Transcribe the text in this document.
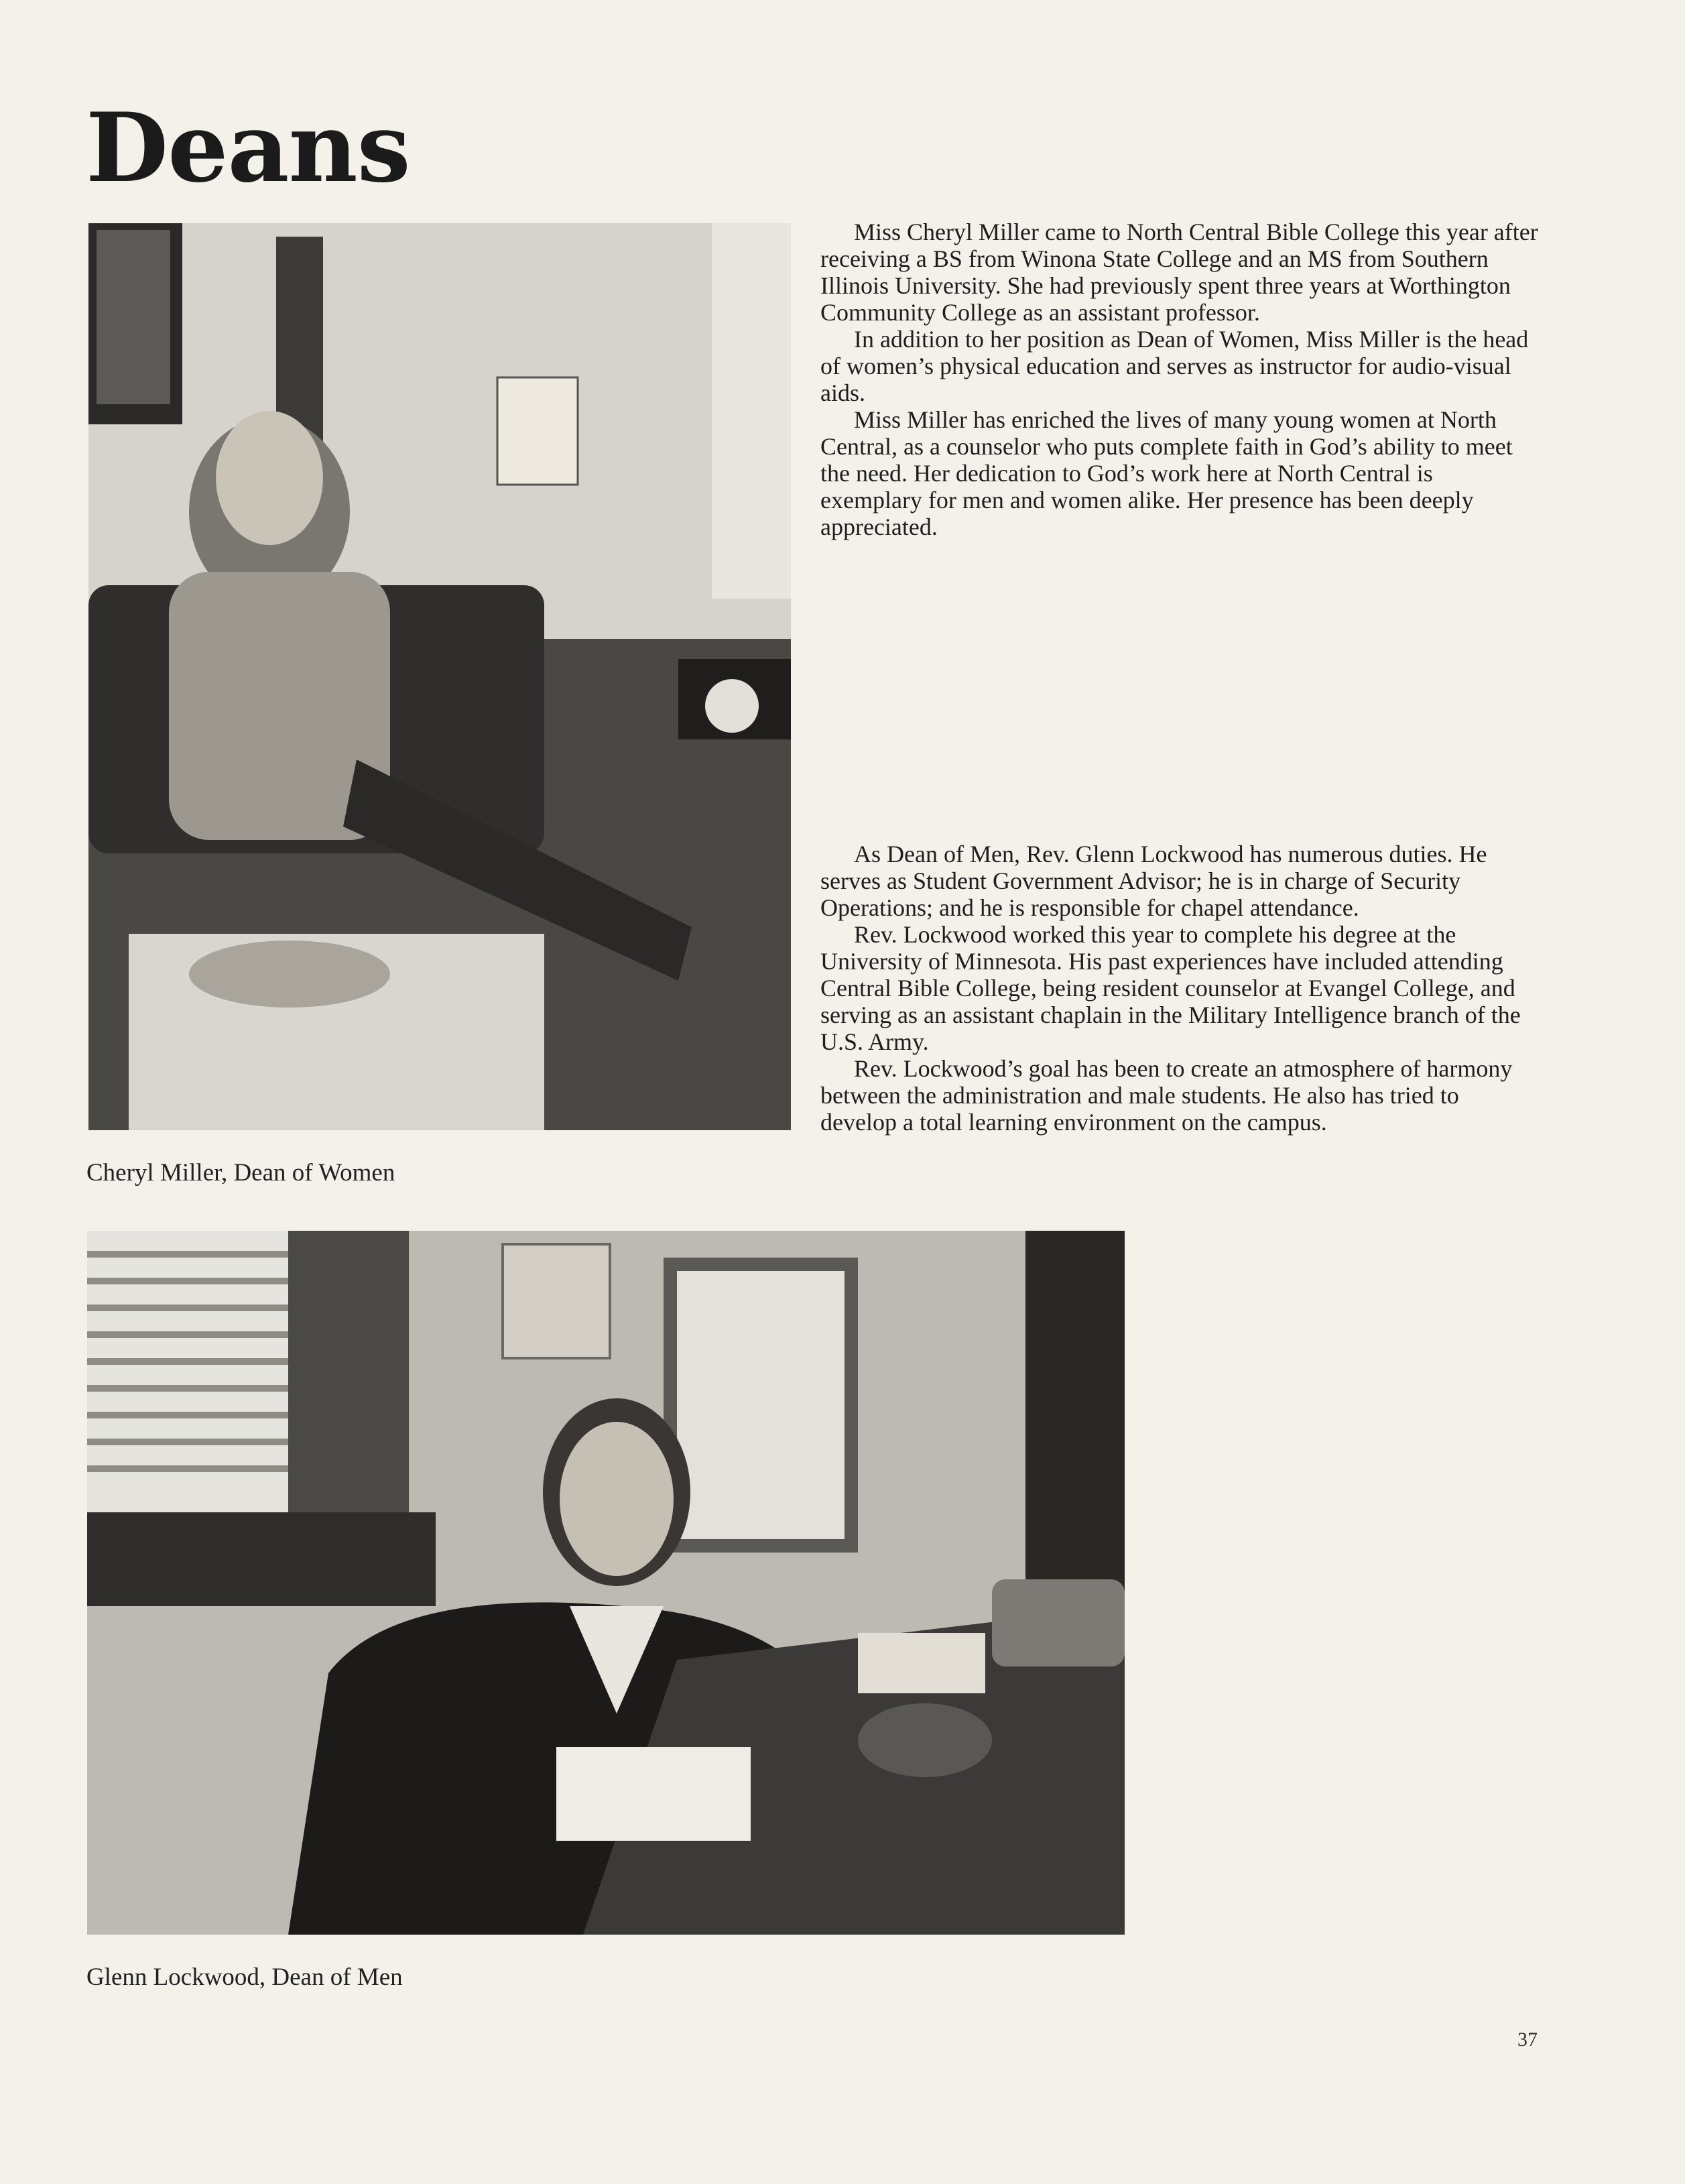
Deans
Cheryl Miller, Dean of Women

Miss Cheryl Miller came to North Central Bible College this year after receiving a BS from Winona State College and an MS from Southern Illinois University. She had previously spent three years at Worthington Community College as an assistant professor.

In addition to her position as Dean of Women, Miss Miller is the head of women’s physical education and serves as instructor for audio-visual aids.

Miss Miller has enriched the lives of many young women at North Central, as a counselor who puts complete faith in God’s ability to meet the need. Her dedication to God’s work here at North Central is exemplary for men and women alike. Her presence has been deeply appreciated.

As Dean of Men, Rev. Glenn Lockwood has numerous duties. He serves as Student Government Advisor; he is in charge of Security Operations; and he is responsible for chapel attendance.

Rev. Lockwood worked this year to complete his degree at the University of Minnesota. His past experiences have included attending Central Bible College, being resident counselor at Evangel College, and serving as an assistant chaplain in the Military Intelligence branch of the U.S. Army.

Rev. Lockwood’s goal has been to create an atmosphere of harmony between the administration and male students. He also has tried to develop a total learning environment on the campus.

Glenn Lockwood, Dean of Men
37
